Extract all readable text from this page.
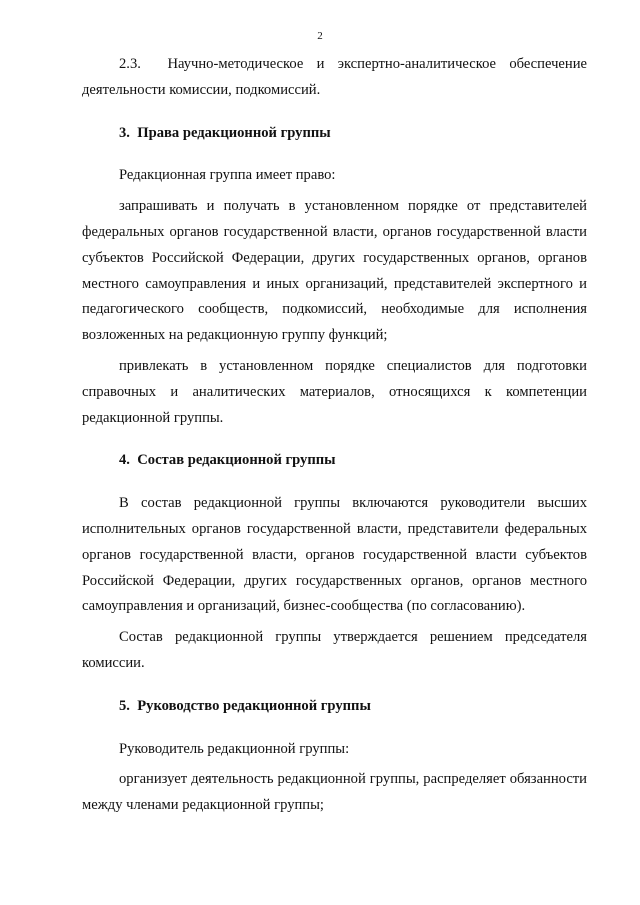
2

2.3.  Научно-методическое и экспертно-аналитическое обеспечение деятельности комиссии, подкомиссий.

3.  Права редакционной группы

Редакционная группа имеет право:

запрашивать и получать в установленном порядке от представителей федеральных органов государственной власти, органов государственной власти субъектов Российской Федерации, других государственных органов, органов местного самоуправления и иных организаций, представителей экспертного и педагогического сообществ, подкомиссий, необходимые для исполнения возложенных на редакционную группу функций;

привлекать в установленном порядке специалистов для подготовки справочных и аналитических материалов, относящихся к компетенции редакционной группы.

4.  Состав редакционной группы

В состав редакционной группы включаются руководители высших исполнительных органов государственной власти, представители федеральных органов государственной власти, органов государственной власти субъектов Российской Федерации, других государственных органов, органов местного самоуправления и организаций, бизнес-сообщества (по согласованию).

Состав редакционной группы утверждается решением председателя комиссии.

5.  Руководство редакционной группы

Руководитель редакционной группы:

организует деятельность редакционной группы, распределяет обязанности между членами редакционной группы;
